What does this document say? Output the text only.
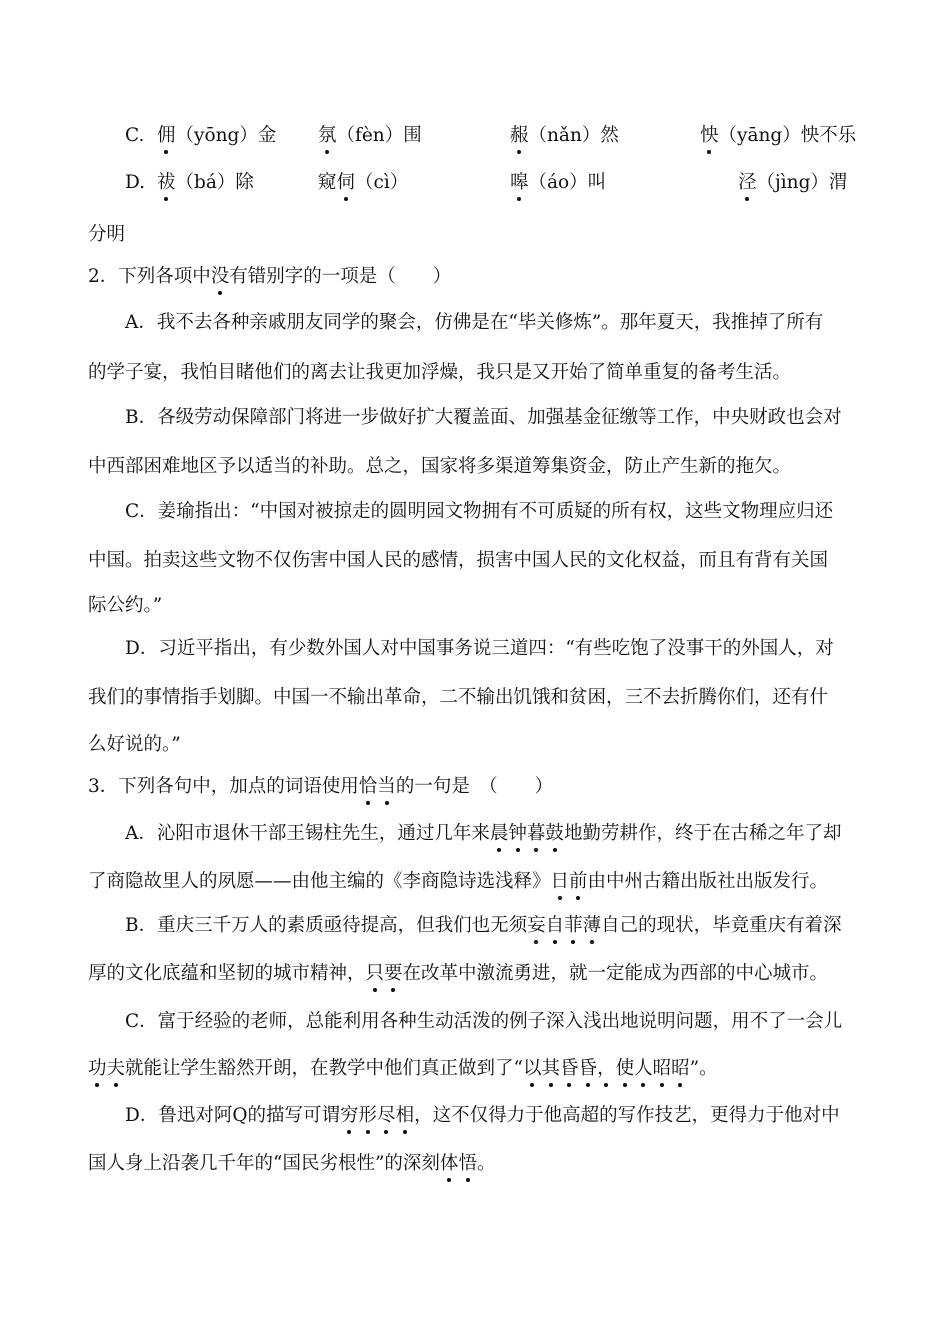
C. 佣（yōng）金 氛（fèn）围	赧（nǎn）然	怏（yāng）怏不乐
D. 祓（bá）除	窥伺（cì）	嗥（áo）叫	泾（jìng）渭
分明
2．下列各项中没有错别字的一项是（　　）
A．我不去各种亲戚朋友同学的聚会，仿佛是在“毕关修炼”。那年夏天，我推掉了所有
的学子宴，我怕目睹他们的离去让我更加浮燥，我只是又开始了简单重复的备考生活。
B．各级劳动保障部门将进一步做好扩大覆盖面、加强基金征缴等工作，中央财政也会对
中西部困难地区予以适当的补助。总之，国家将多渠道筹集资金，防止产生新的拖欠。
C．姜瑜指出：“中国对被掠走的圆明园文物拥有不可质疑的所有权，这些文物理应归还
中国。拍卖这些文物不仅伤害中国人民的感情，损害中国人民的文化权益，而且有背有关国
际公约。”
D．习近平指出，有少数外国人对中国事务说三道四：“有些吃饱了没事干的外国人，对
我们的事情指手划脚。中国一不输出革命，二不输出饥饿和贫困，三不去折腾你们，还有什
么好说的。”
3．下列各句中，加点的词语使用恰当的一句是　（　　）
A．沁阳市退休干部王锡柱先生，通过几年来晨钟暮鼓地勤劳耕作，终于在古稀之年了却
了商隐故里人的夙愿——由他主编的《李商隐诗选浅释》日前由中州古籍出版社出版发行。
B．重庆三千万人的素质亟待提高，但我们也无须妄自菲薄自己的现状，毕竟重庆有着深
厚的文化底蕴和坚韧的城市精神，只要在改革中激流勇进，就一定能成为西部的中心城市。
C．富于经验的老师，总能利用各种生动活泼的例子深入浅出地说明问题，用不了一会儿
功夫就能让学生豁然开朗，在教学中他们真正做到了“以其昏昏，使人昭昭”。
D．鲁迅对阿Q的描写可谓穷形尽相，这不仅得力于他高超的写作技艺，更得力于他对中
国人身上沿袭几千年的“国民劣根性”的深刻体悟。
